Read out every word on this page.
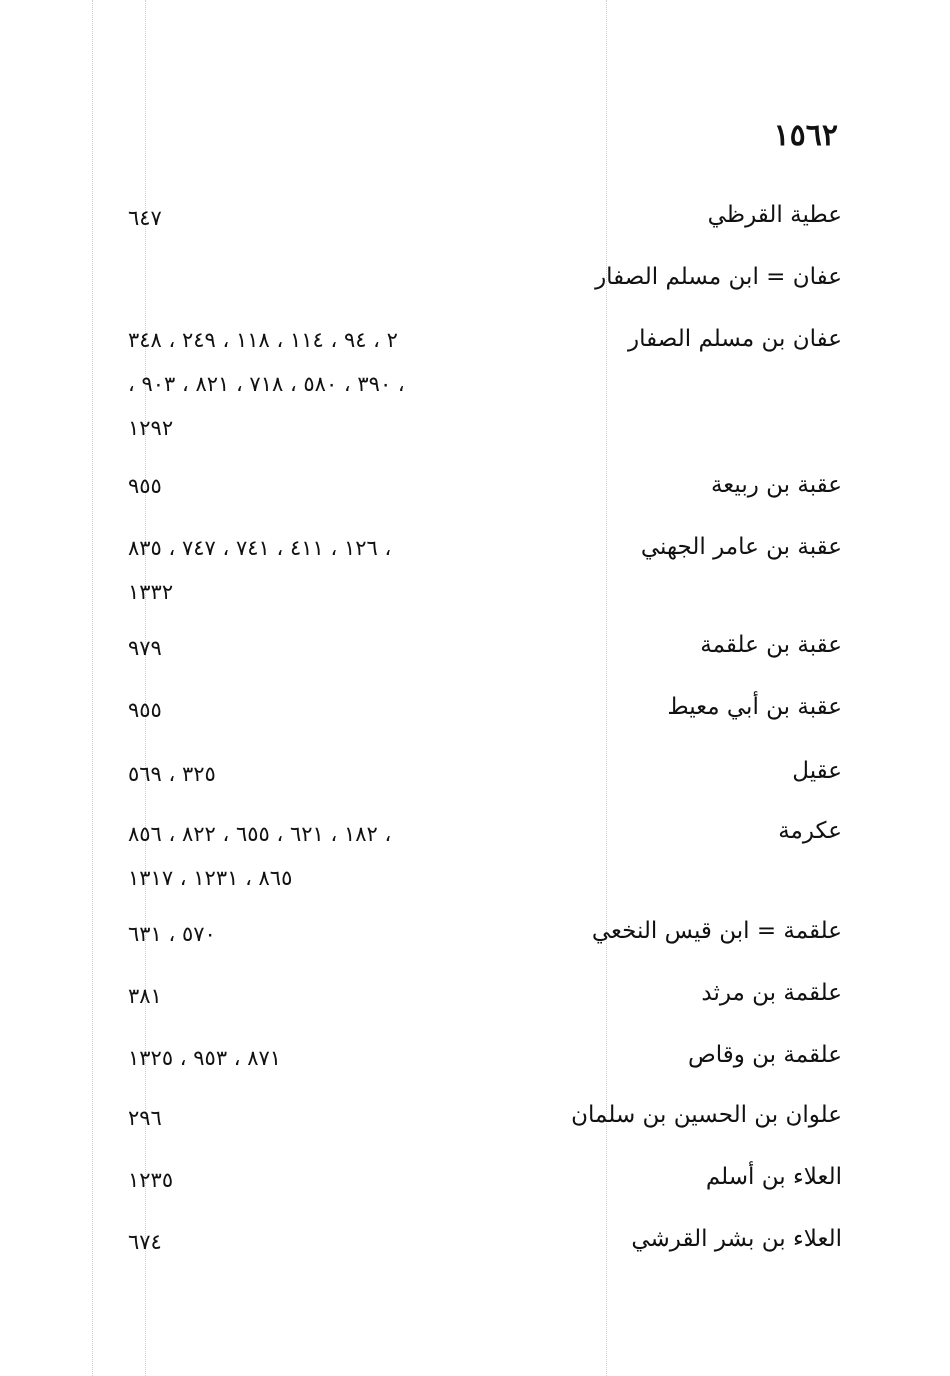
١٥٦٢
عطية القرظي
٦٤٧
عفان = ابن مسلم الصفار
عفان بن مسلم الصفار
٢ ، ٩٤ ، ١١٤ ، ١١٨ ، ٢٤٩ ، ٣٤٨
، ٣٩٠ ، ٥٨٠ ، ٧١٨ ، ٨٢١ ، ٩٠٣ ،
١٢٩٢
عقبة بن ربيعة
٩٥٥
عقبة بن عامر الجهني
١٢٦ ، ٤١١ ، ٧٤١ ، ٧٤٧ ، ٨٣٥ ،
١٣٣٢
عقبة بن علقمة
٩٧٩
عقبة بن أبي معيط
٩٥٥
عقيل
٣٢٥ ، ٥٦٩
عكرمة
١٨٢ ، ٦٢١ ، ٦٥٥ ، ٨٢٢ ، ٨٥٦ ،
٨٦٥ ، ١٢٣١ ، ١٣١٧
علقمة = ابن قيس النخعي
٥٧٠ ، ٦٣١
علقمة بن مرثد
٣٨١
علقمة بن وقاص
٨٧١ ، ٩٥٣ ، ١٣٢٥
علوان بن الحسين بن سلمان
٢٩٦
العلاء بن أسلم
١٢٣٥
العلاء بن بشر القرشي
٦٧٤
